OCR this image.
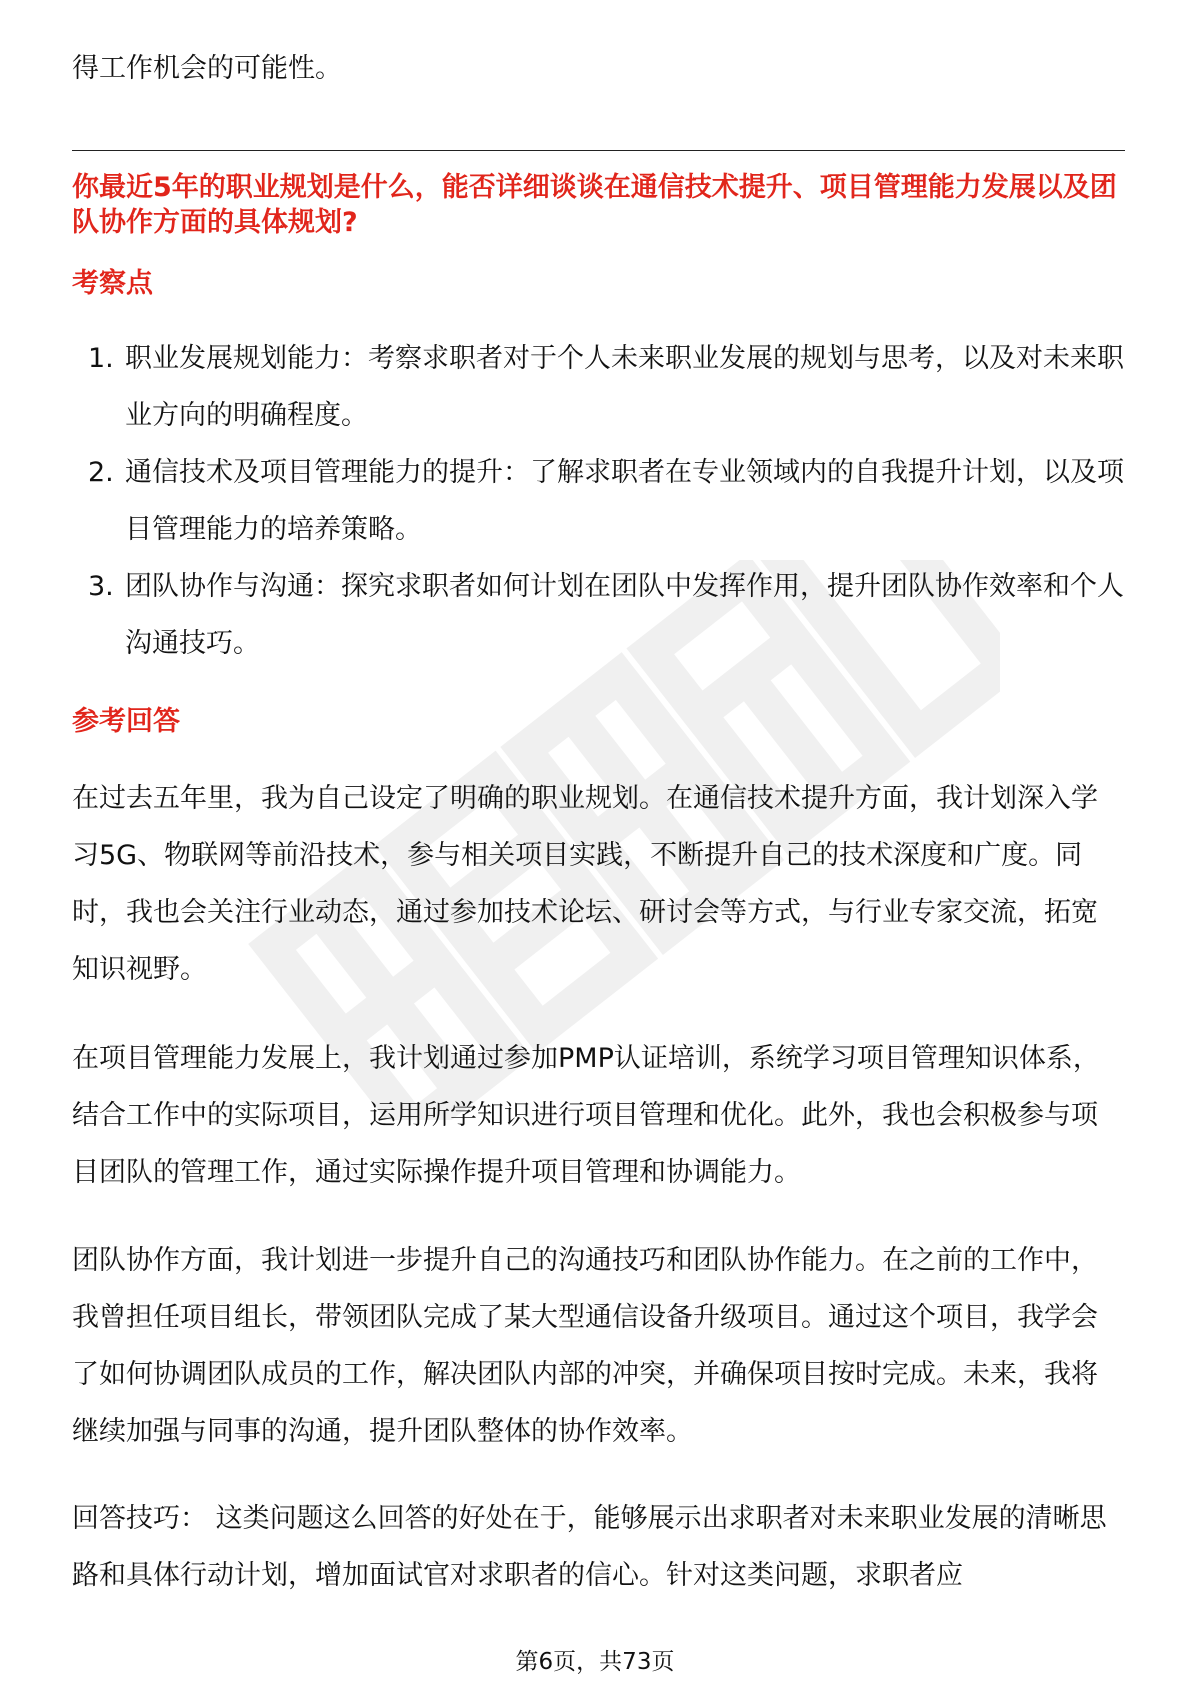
得工作机会的可能性。

你最近5年的职业规划是什么，能否详细谈谈在通信技术提升、项目管理能力发展以及团队协作方面的具体规划?

考察点

1. 职业发展规划能力：考察求职者对于个人未来职业发展的规划与思考，以及对未来职业方向的明确程度。
2. 通信技术及项目管理能力的提升：了解求职者在专业领域内的自我提升计划，以及项目管理能力的培养策略。
3. 团队协作与沟通：探究求职者如何计划在团队中发挥作用，提升团队协作效率和个人沟通技巧。

参考回答

在过去五年里，我为自己设定了明确的职业规划。在通信技术提升方面，我计划深入学习5G、物联网等前沿技术，参与相关项目实践，不断提升自己的技术深度和广度。同时，我也会关注行业动态，通过参加技术论坛、研讨会等方式，与行业专家交流，拓宽知识视野。

在项目管理能力发展上，我计划通过参加PMP认证培训，系统学习项目管理知识体系，结合工作中的实际项目，运用所学知识进行项目管理和优化。此外，我也会积极参与项目团队的管理工作，通过实际操作提升项目管理和协调能力。

团队协作方面，我计划进一步提升自己的沟通技巧和团队协作能力。在之前的工作中，我曾担任项目组长，带领团队完成了某大型通信设备升级项目。通过这个项目，我学会了如何协调团队成员的工作，解决团队内部的冲突，并确保项目按时完成。未来，我将继续加强与同事的沟通，提升团队整体的协作效率。

回答技巧： 这类问题这么回答的好处在于，能够展示出求职者对未来职业发展的清晰思路和具体行动计划，增加面试官对求职者的信心。针对这类问题，求职者应

第6页，共73页
